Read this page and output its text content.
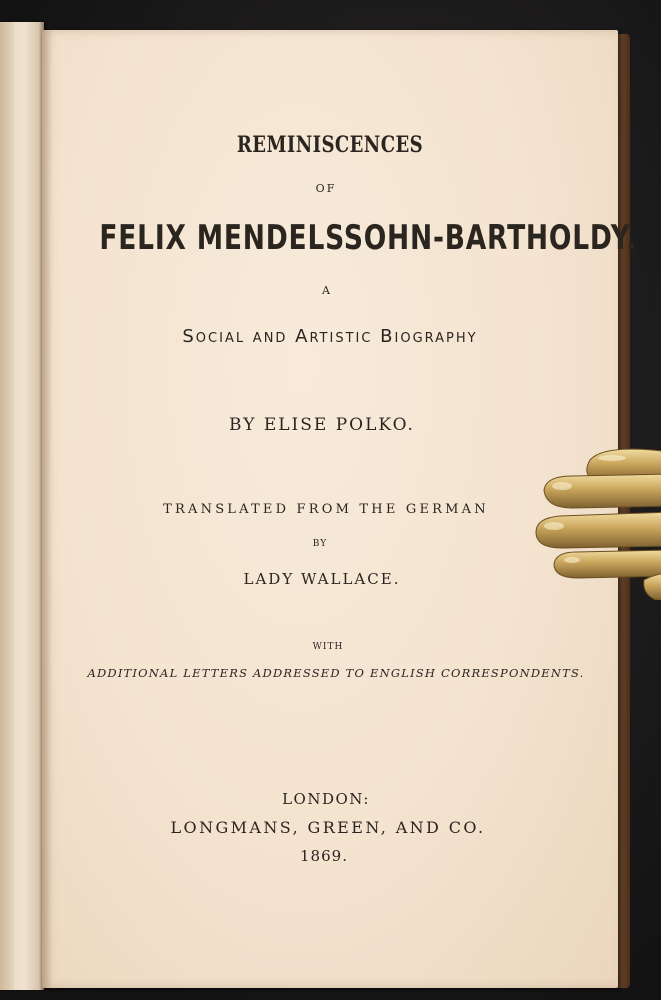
REMINISCENCES
OF
FELIX MENDELSSOHN-BARTHOLDY.
A
Social and Artistic Biography
BY ELISE POLKO.
TRANSLATED FROM THE GERMAN
BY
LADY WALLACE.
WITH
ADDITIONAL LETTERS ADDRESSED TO ENGLISH CORRESPONDENTS.
LONDON:
LONGMANS, GREEN, AND CO.
1869.
